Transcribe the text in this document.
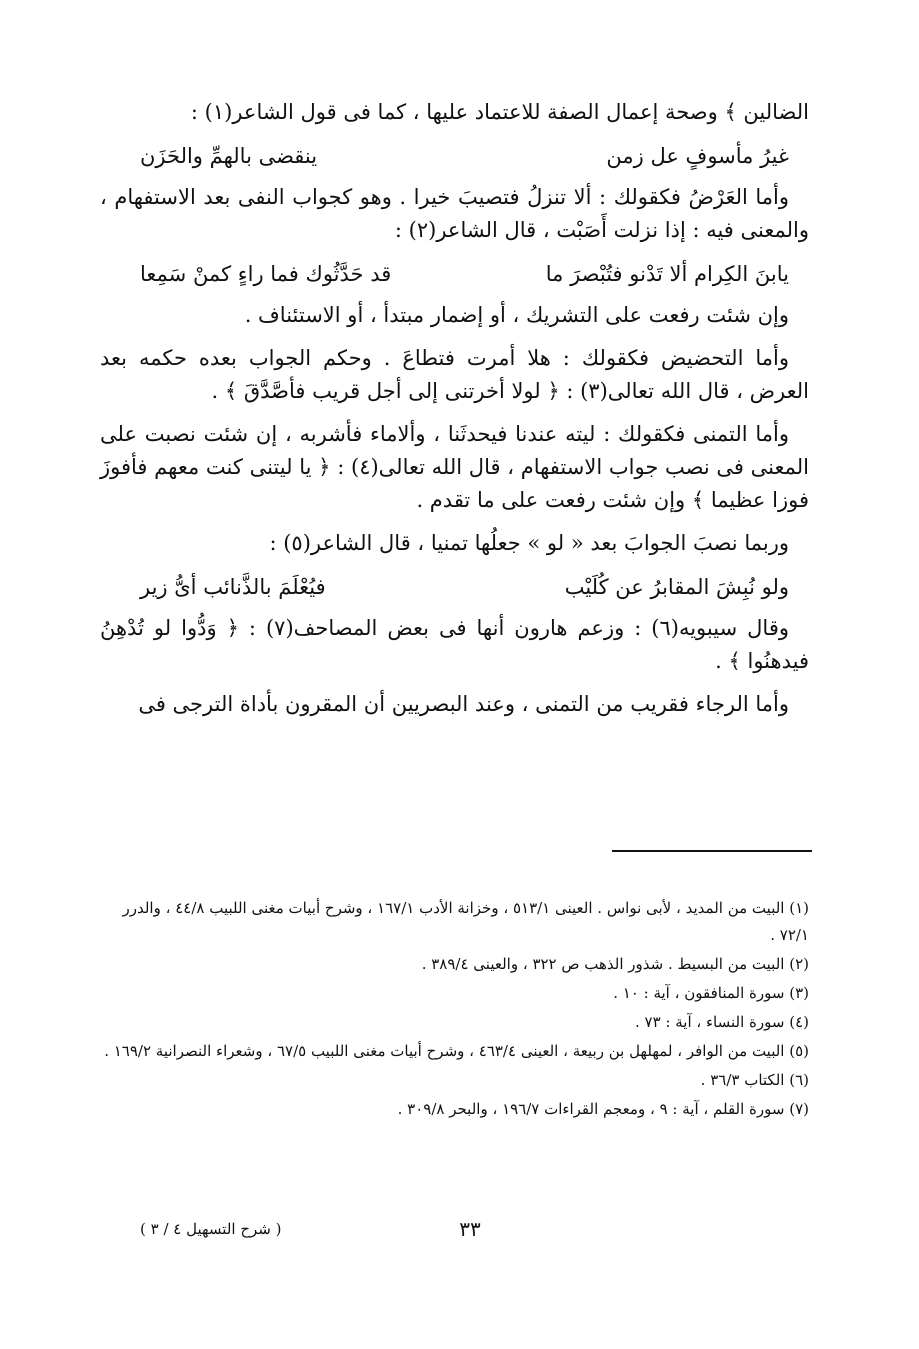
الضالين ﴾ وصحة إعمال الصفة للاعتماد عليها ، كما فى قول الشاعر(١) :

غيرُ مأسوفٍ عل زمن
ينقضى بالهمِّ والحَزَن

وأما العَرْضُ فكقولك : ألا تنزلُ فتصيبَ خيرا . وهو كجواب النفى بعد الاستفهام ، والمعنى فيه : إذا نزلت أَصَبْت ، قال الشاعر(٢) :

يابنَ الكِرام ألا تَدْنو فتُبْصرَ ما
قد حَدَّثُوك فما راءٍ كمنْ سَمِعا

وإن شئت رفعت على التشريك ، أو إضمار مبتدأ ، أو الاستئناف .

وأما التحضيض فكقولك : هلا أمرت فتطاعَ . وحكم الجواب بعده حكمه بعد العرض ، قال الله تعالى(٣) : ﴿ لولا أخرتنى إلى أجل قريب فأصَّدَّقَ ﴾ .

وأما التمنى فكقولك : ليته عندنا فيحدثَنا ، وألاماء فأشربه ، إن شئت نصبت على المعنى فى نصب جواب الاستفهام ، قال الله تعالى(٤) : ﴿ يا ليتنى كنت معهم فأفوزَ فوزا عظيما ﴾ وإن شئت رفعت على ما تقدم .

وربما نصبَ الجوابَ بعد « لو » جعلُها تمنيا ، قال الشاعر(٥) :

ولو نُبِشَ المقابرُ عن كُلَيْب
فيُعْلَمَ بالذَّنائب أىُّ زير

وقال سيبويه(٦) : وزعم هارون أنها فى بعض المصاحف(٧) : ﴿ وَدُّوا لو تُدْهِنُ فيدهنُوا ﴾ .

وأما الرجاء فقريب من التمنى ، وعند البصريين أن المقرون بأداة الترجى فى

(١) البيت من المديد ، لأبى نواس . العينى ٥١٣/١ ، وخزانة الأدب ١٦٧/١ ، وشرح أبيات مغنى اللبيب ٤٤/٨ ، والدرر ٧٢/١ .
(٢) البيت من البسيط . شذور الذهب ص ٣٢٢ ، والعينى ٣٨٩/٤ .
(٣) سورة المنافقون ، آية : ١٠ .
(٤) سورة النساء ، آية : ٧٣ .
(٥) البيت من الوافر ، لمهلهل بن ربيعة ، العينى ٤٦٣/٤ ، وشرح أبيات مغنى اللبيب ٦٧/٥ ، وشعراء النصرانية ١٦٩/٢ .
(٦) الكتاب ٣٦/٣ .
(٧) سورة القلم ، آية : ٩ ، ومعجم القراءات ١٩٦/٧ ، والبحر ٣٠٩/٨ .
٣٣
( شرح التسهيل ٤ / ٣ )
